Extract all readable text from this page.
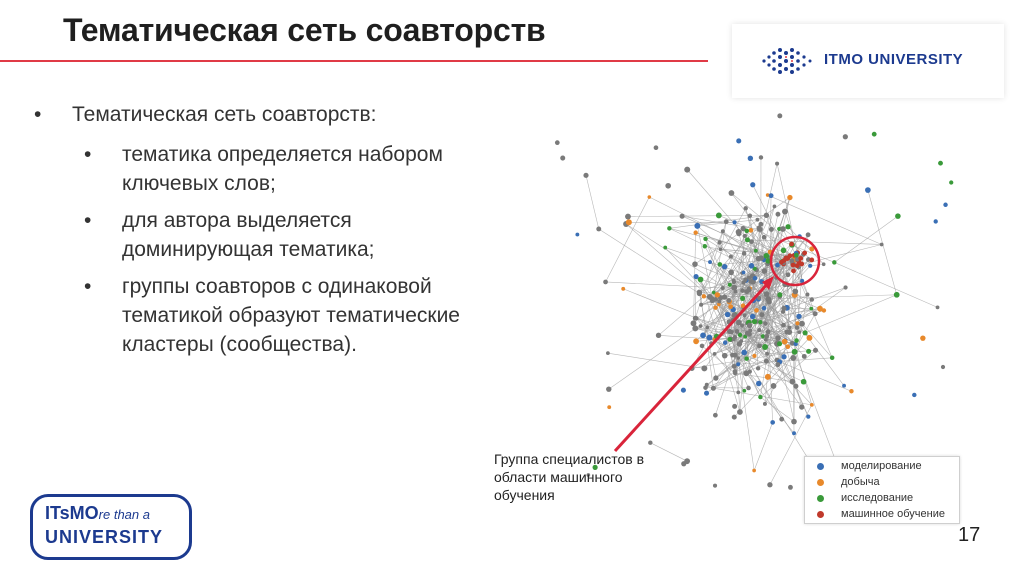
Тематическая сеть соавторств
ITMO UNIVERSITY
• Тематическая сеть соавторств:
• тематика определяется набором ключевых слов;
• для автора выделяется доминирующая тематика;
• группы соавторов с одинаковой тематикой образуют тематические кластеры (сообщества).
Группа специалистов в области машинного обучения
моделирование
добыча
исследование
машинное обучение
17
ITsMOre than a
UNIVERSITY
